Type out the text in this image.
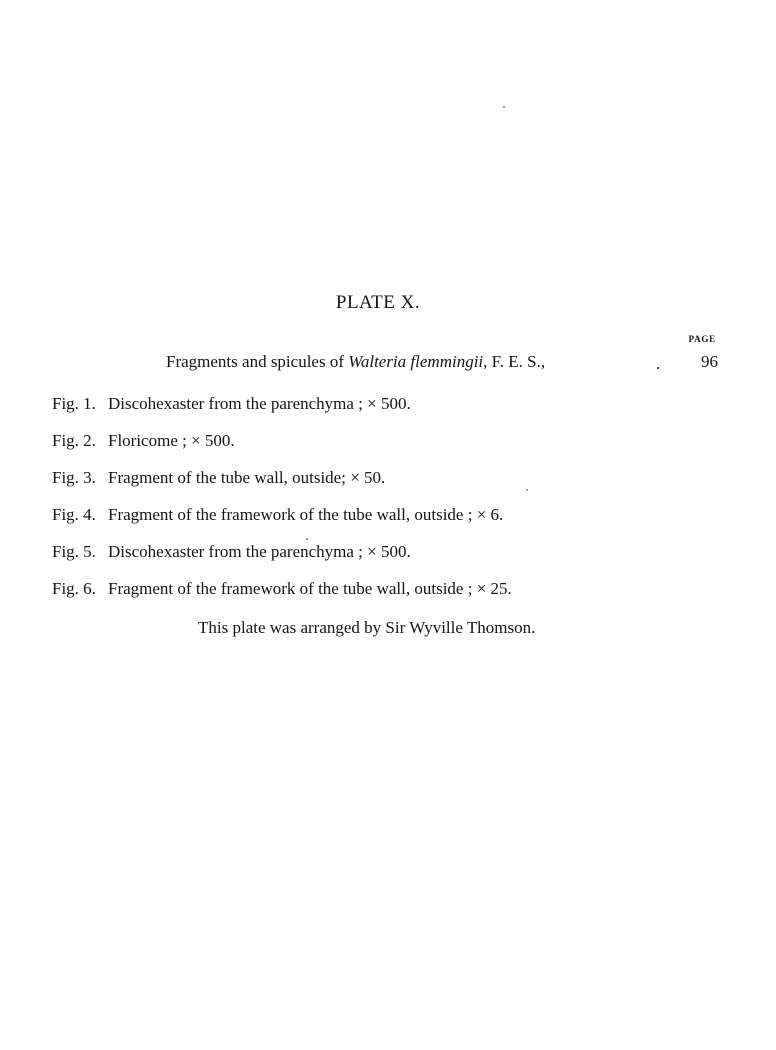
PLATE X.
PAGE
Fragments and spicules of Walteria flemmingii, F. E. S.,	. 96
Fig. 1. Discohexaster from the parenchyma ; × 500.
Fig. 2. Floricome ; × 500.
Fig. 3. Fragment of the tube wall, outside; × 50.
Fig. 4. Fragment of the framework of the tube wall, outside ; × 6.
Fig. 5. Discohexaster from the parenchyma ; × 500.
Fig. 6. Fragment of the framework of the tube wall, outside ; × 25.
This plate was arranged by Sir Wyville Thomson.
